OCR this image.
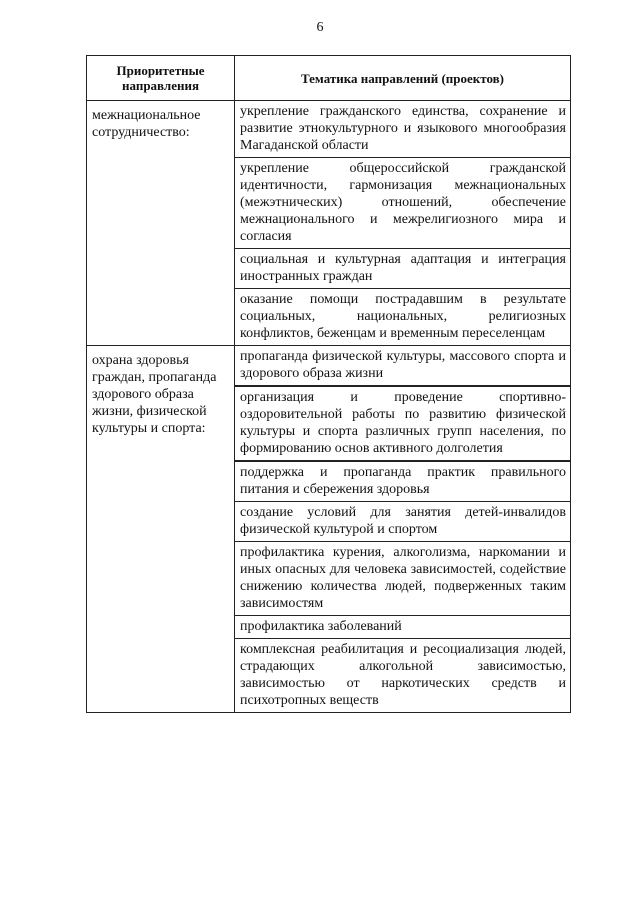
6
Приоритетные направления	Тематика направлений (проектов)
межнациональное сотрудничество:	укрепление гражданского единства, сохранение и развитие этнокультурного и языкового многообразия Магаданской области
	укрепление общероссийской гражданской идентичности, гармонизация межнациональных (межэтнических) отношений, обеспечение межнационального и межрелигиозного мира и согласия
	социальная и культурная адаптация и интеграция иностранных граждан
	оказание помощи пострадавшим в результате социальных, национальных, религиозных конфликтов, беженцам и временным переселенцам
охрана здоровья граждан, пропаганда здорового образа жизни, физической культуры и спорта:	пропаганда физической культуры, массового спорта и здорового образа жизни
	организация и проведение спортивно-оздоровительной работы по развитию физической культуры и спорта различных групп населения, по формированию основ активного долголетия
	поддержка и пропаганда практик правильного питания и сбережения здоровья
	создание условий для занятия детей-инвалидов физической культурой и спортом
	профилактика курения, алкоголизма, наркомании и иных опасных для человека зависимостей, содействие снижению количества людей, подверженных таким зависимостям
	профилактика заболеваний
	комплексная реабилитация и ресоциализация людей, страдающих алкогольной зависимостью, зависимостью от наркотических средств и психотропных веществ
